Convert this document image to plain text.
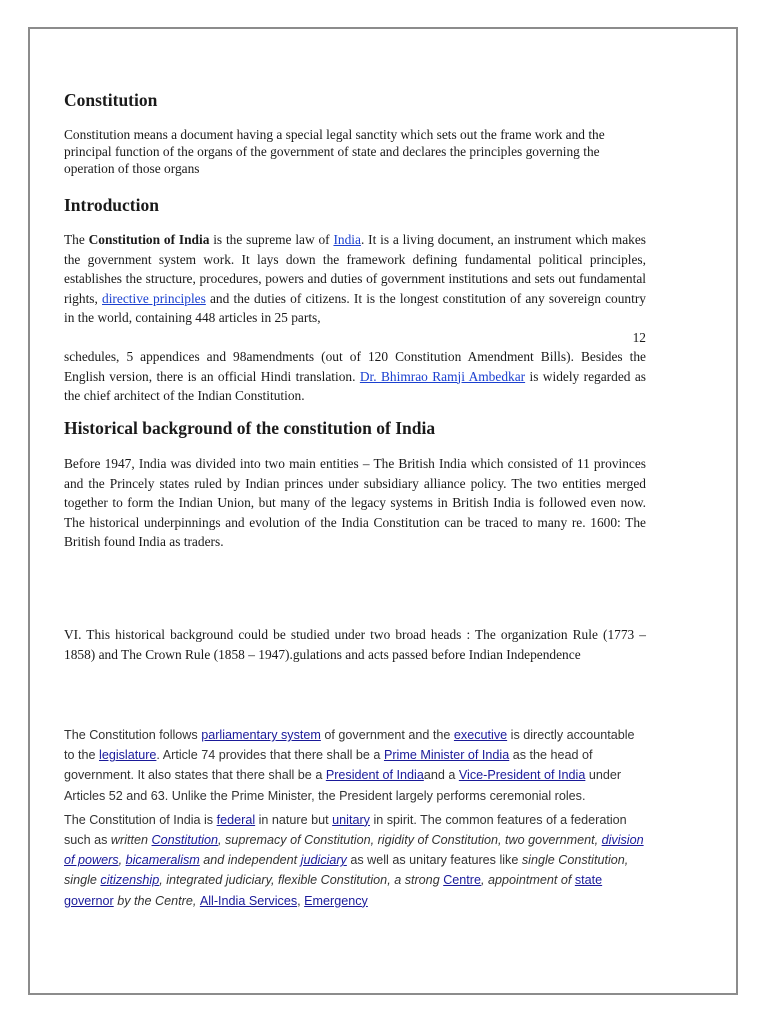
Constitution

Constitution means a document having a special legal sanctity which sets out the frame work and the principal function of the organs of the government of state and declares the principles governing the operation of those organs

Introduction

The Constitution of India is the supreme law of India. It is a living document, an instrument which makes the government system work. It lays down the framework defining fundamental political principles, establishes the structure, procedures, powers and duties of government institutions and sets out fundamental rights, directive principles and the duties of citizens. It is the longest constitution of any sovereign country in the world, containing 448 articles in 25 parts,
12
schedules, 5 appendices and 98amendments (out of 120 Constitution Amendment Bills). Besides the English version, there is an official Hindi translation. Dr. Bhimrao Ramji Ambedkar is widely regarded as the chief architect of the Indian Constitution.

Historical background of the constitution of India

Before 1947, India was divided into two main entities – The British India which consisted of 11 provinces and the Princely states ruled by Indian princes under subsidiary alliance policy. The two entities merged together to form the Indian Union, but many of the legacy systems in British India is followed even now. The historical underpinnings and evolution of the India Constitution can be traced to many re. 1600: The British found India as traders.

VI. This historical background could be studied under two broad heads : The organization Rule (1773 – 1858) and The Crown Rule (1858 – 1947).gulations and acts passed before Indian Independence

The Constitution follows parliamentary system of government and the executive is directly accountable to the legislature. Article 74 provides that there shall be a Prime Minister of India as the head of government. It also states that there shall be a President of Indiaand a Vice-President of India under Articles 52 and 63. Unlike the Prime Minister, the President largely performs ceremonial roles.

The Constitution of India is federal in nature but unitary in spirit. The common features of a federation such as written Constitution, supremacy of Constitution, rigidity of Constitution, two government, division of powers, bicameralism and independent judiciary as well as unitary features like single Constitution, single citizenship, integrated judiciary, flexible Constitution, a strong Centre, appointment of state governor by the Centre, All-India Services, Emergency
